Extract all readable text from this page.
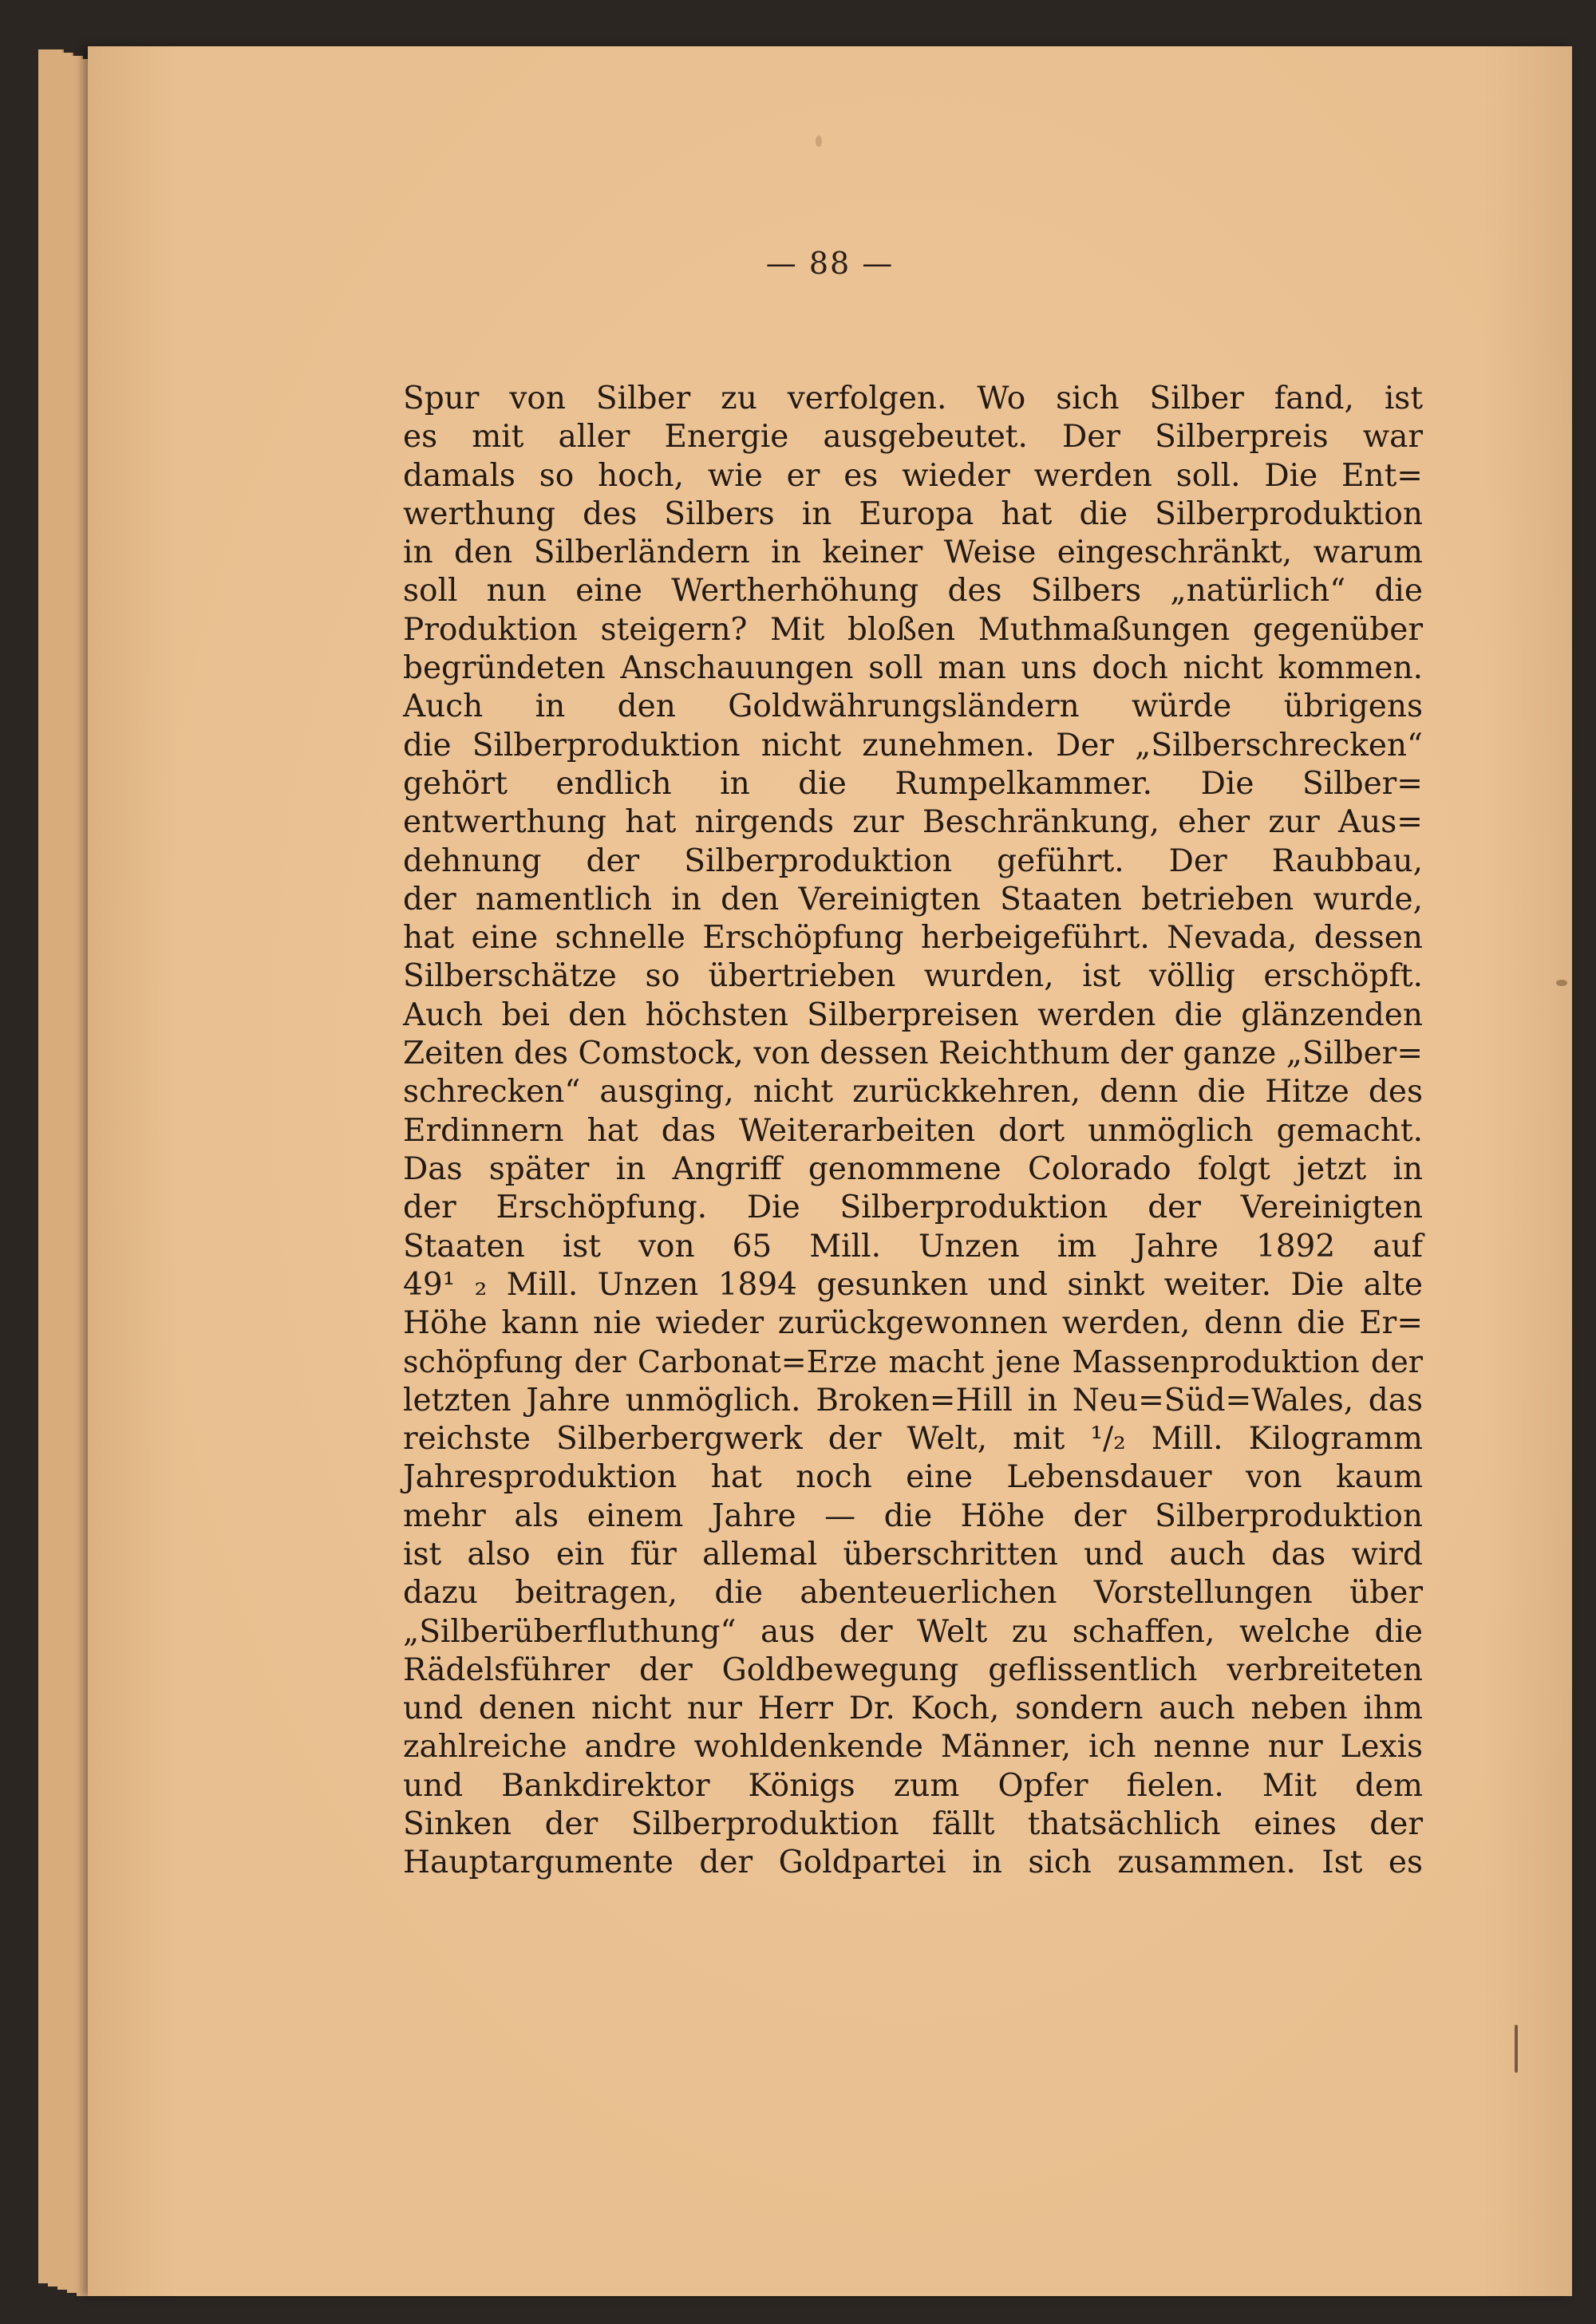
— 88 —
Spur von Silber zu verfolgen. Wo sich Silber fand, ist
es mit aller Energie ausgebeutet. Der Silberpreis war
damals so hoch, wie er es wieder werden soll. Die Ent=
werthung des Silbers in Europa hat die Silberproduktion
in den Silberländern in keiner Weise eingeschränkt, warum
soll nun eine Wertherhöhung des Silbers „natürlich“ die
Produktion steigern? Mit bloßen Muthmaßungen gegenüber
begründeten Anschauungen soll man uns doch nicht kommen.
Auch in den Goldwährungsländern würde übrigens
die Silberproduktion nicht zunehmen. Der „Silberschrecken“
gehört endlich in die Rumpelkammer. Die Silber=
entwerthung hat nirgends zur Beschränkung, eher zur Aus=
dehnung der Silberproduktion geführt. Der Raubbau,
der namentlich in den Vereinigten Staaten betrieben wurde,
hat eine schnelle Erschöpfung herbeigeführt. Nevada, dessen
Silberschätze so übertrieben wurden, ist völlig erschöpft.
Auch bei den höchsten Silberpreisen werden die glänzenden
Zeiten des Comstock, von dessen Reichthum der ganze „Silber=
schrecken“ ausging, nicht zurückkehren, denn die Hitze des
Erdinnern hat das Weiterarbeiten dort unmöglich gemacht.
Das später in Angriff genommene Colorado folgt jetzt in
der Erschöpfung. Die Silberproduktion der Vereinigten
Staaten ist von 65 Mill. Unzen im Jahre 1892 auf
49¹ ₂ Mill. Unzen 1894 gesunken und sinkt weiter. Die alte
Höhe kann nie wieder zurückgewonnen werden, denn die Er=
schöpfung der Carbonat=Erze macht jene Massenproduktion der
letzten Jahre unmöglich. Broken=Hill in Neu=Süd=Wales, das
reichste Silberbergwerk der Welt, mit ¹/₂ Mill. Kilogramm
Jahresproduktion hat noch eine Lebensdauer von kaum
mehr als einem Jahre — die Höhe der Silberproduktion
ist also ein für allemal überschritten und auch das wird
dazu beitragen, die abenteuerlichen Vorstellungen über
„Silberüberfluthung“ aus der Welt zu schaffen, welche die
Rädelsführer der Goldbewegung geflissentlich verbreiteten
und denen nicht nur Herr Dr. Koch, sondern auch neben ihm
zahlreiche andre wohldenkende Männer, ich nenne nur Lexis
und Bankdirektor Königs zum Opfer fielen. Mit dem
Sinken der Silberproduktion fällt thatsächlich eines der
Hauptargumente der Goldpartei in sich zusammen. Ist es
